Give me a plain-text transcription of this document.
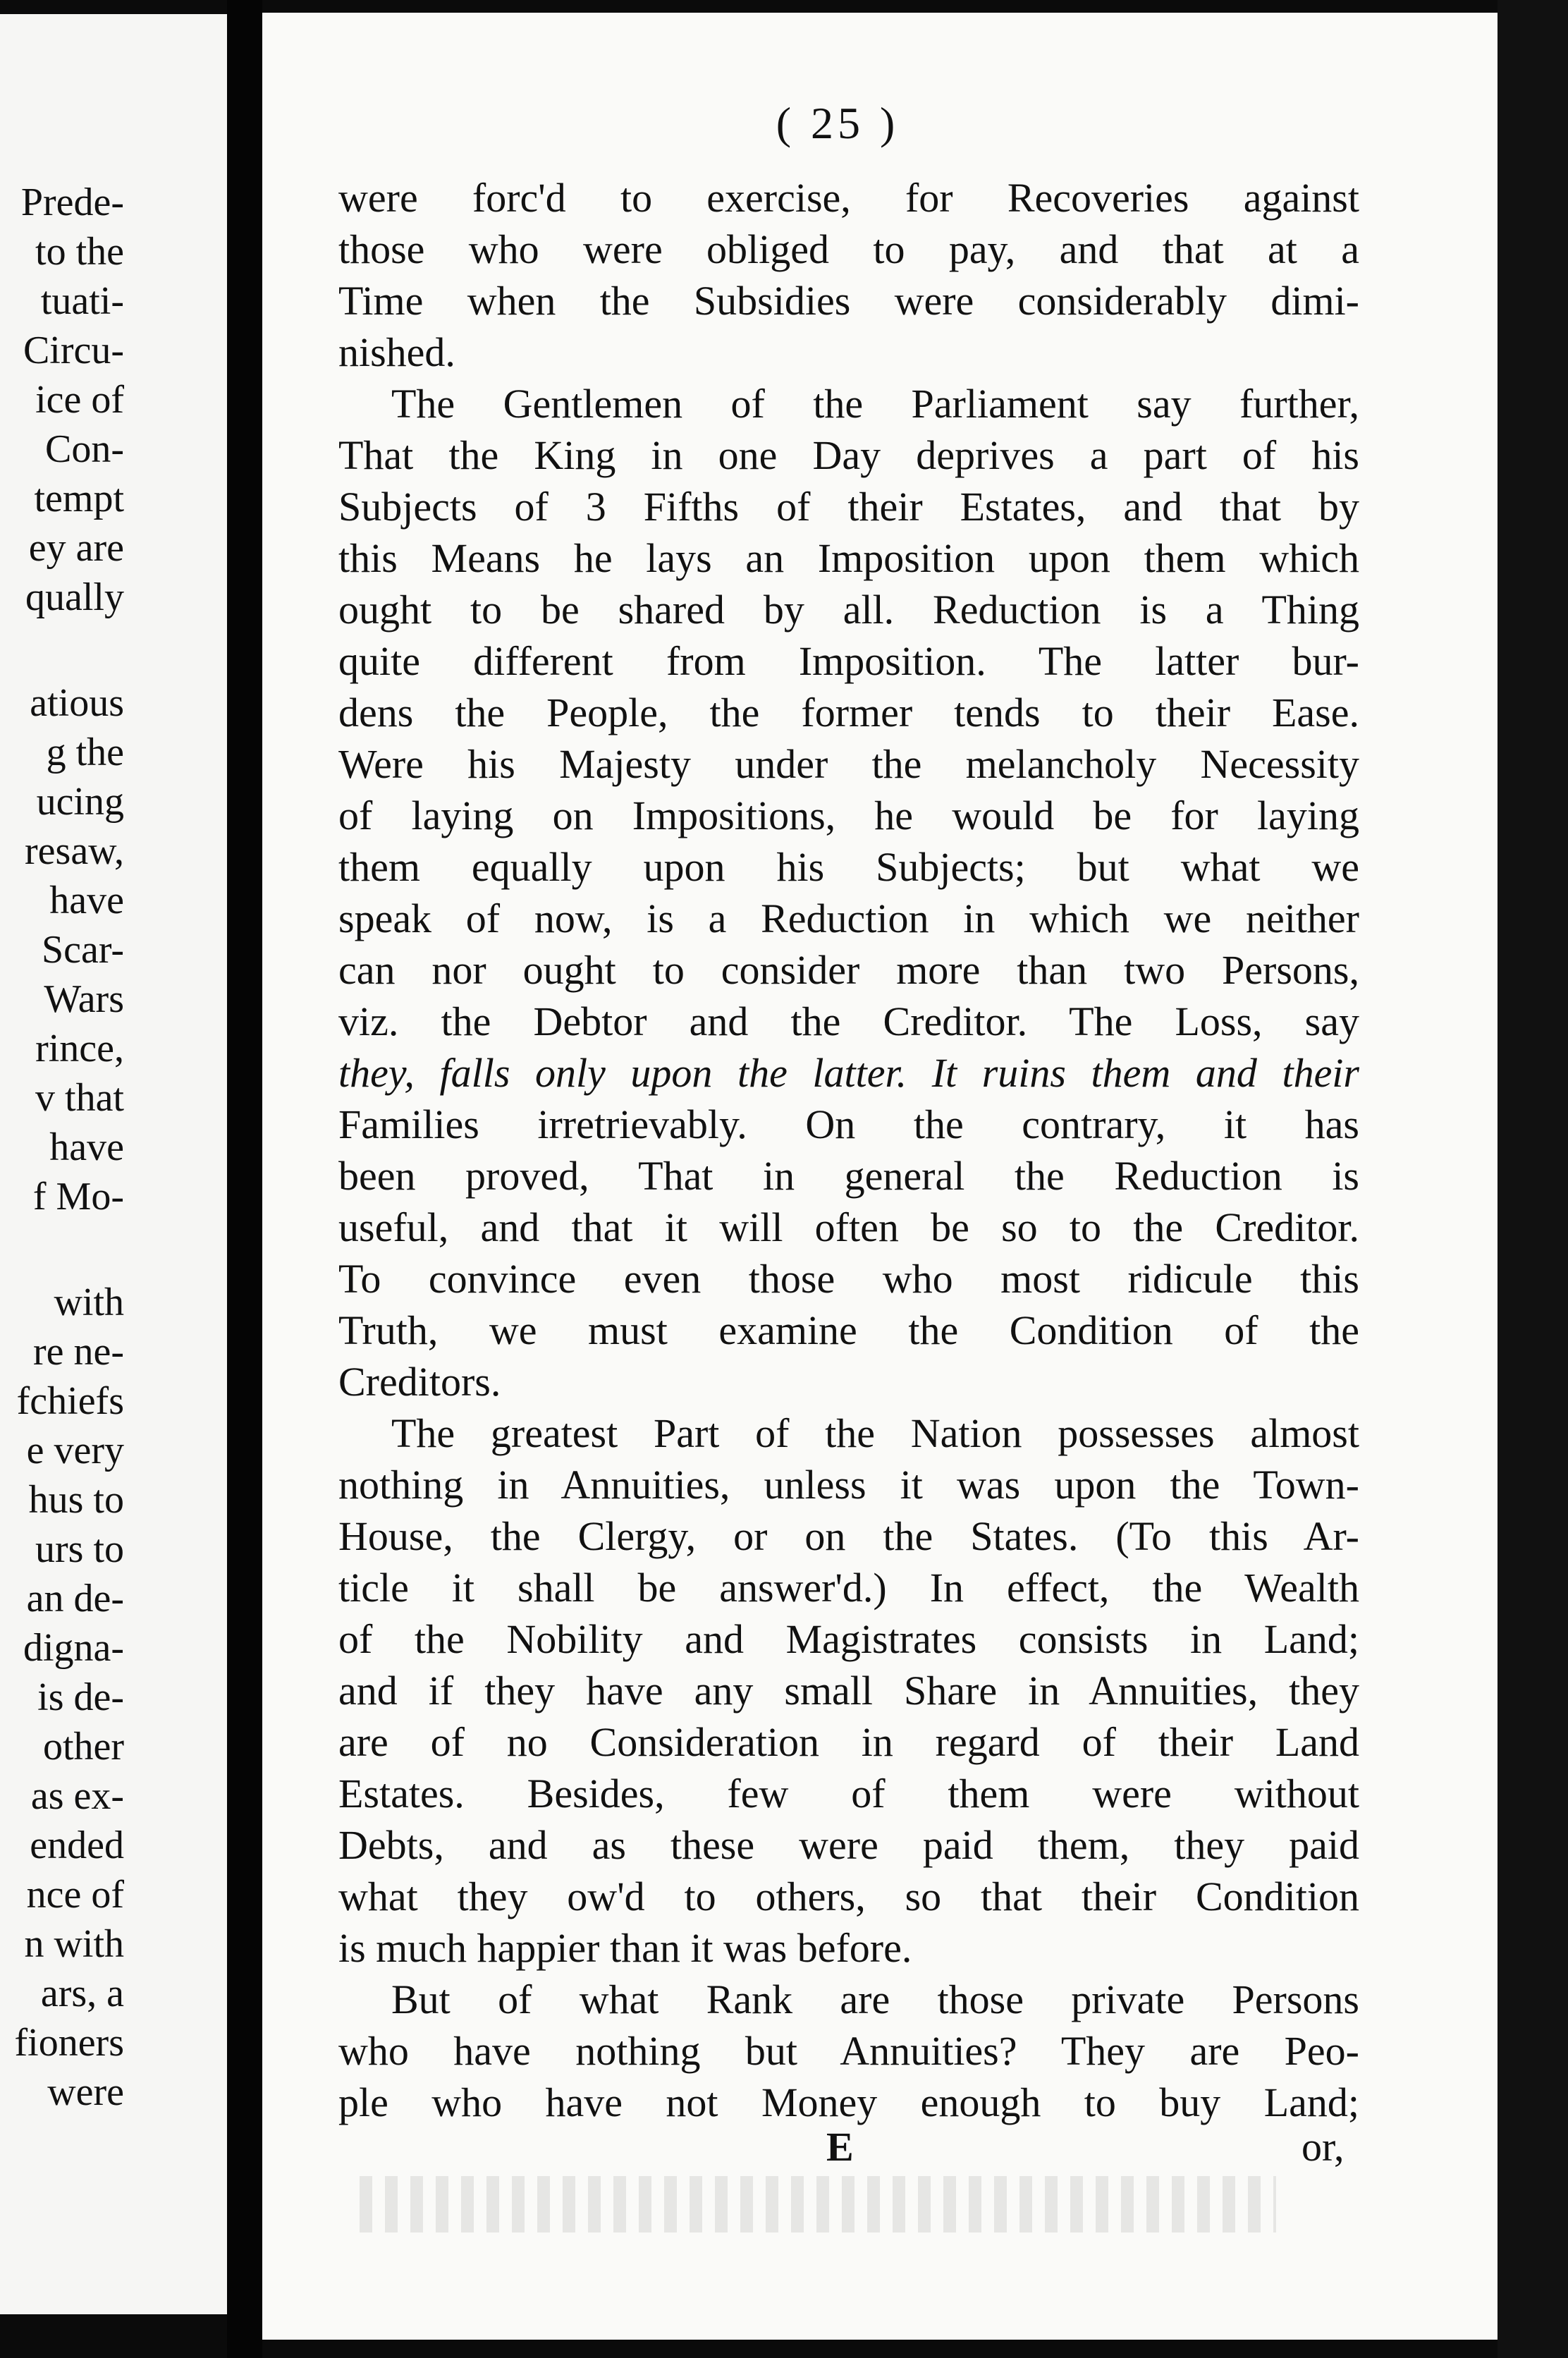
Prede-

to the

tuati-

Circu-

ice of

Con-

tempt

ey are

qually

atious

g the

ucing

resaw,

have

Scar-

Wars

rince,

v that

have

f Mo-

with

re ne-

fchiefs

e very

hus to

urs to

an de-

digna-

is de-

other

as ex-

ended

nce of

n with

ars, a

fioners

were

( 25 )

were forc'd to exercise, for Recoveries against

those who were obliged to pay, and that at a

Time when the Subsidies were considerably dimi-

nished.

The Gentlemen of the Parliament say further,

That the King in one Day deprives a part of his

Subjects of 3 Fifths of their Estates, and that by

this Means he lays an Imposition upon them which

ought to be shared by all. Reduction is a Thing

quite different from Imposition. The latter bur-

dens the People, the former tends to their Ease.

Were his Majesty under the melancholy Necessity

of laying on Impositions, he would be for laying

them equally upon his Subjects; but what we

speak of now, is a Reduction in which we neither

can nor ought to consider more than two Persons,

viz. the Debtor and the Creditor. The Loss, say

they, falls only upon the latter. It ruins them and their

Families irretrievably. On the contrary, it has

been proved, That in general the Reduction is

useful, and that it will often be so to the Creditor.

To convince even those who most ridicule this

Truth, we must examine the Condition of the

Creditors.

The greatest Part of the Nation possesses almost

nothing in Annuities, unless it was upon the Town-

House, the Clergy, or on the States. (To this Ar-

ticle it shall be answer'd.) In effect, the Wealth

of the Nobility and Magistrates consists in Land;

and if they have any small Share in Annuities, they

are of no Consideration in regard of their Land

Estates. Besides, few of them were without

Debts, and as these were paid them, they paid

what they ow'd to others, so that their Condition

is much happier than it was before.

But of what Rank are those private Persons

who have nothing but Annuities? They are Peo-

ple who have not Money enough to buy Land;

E	or,
